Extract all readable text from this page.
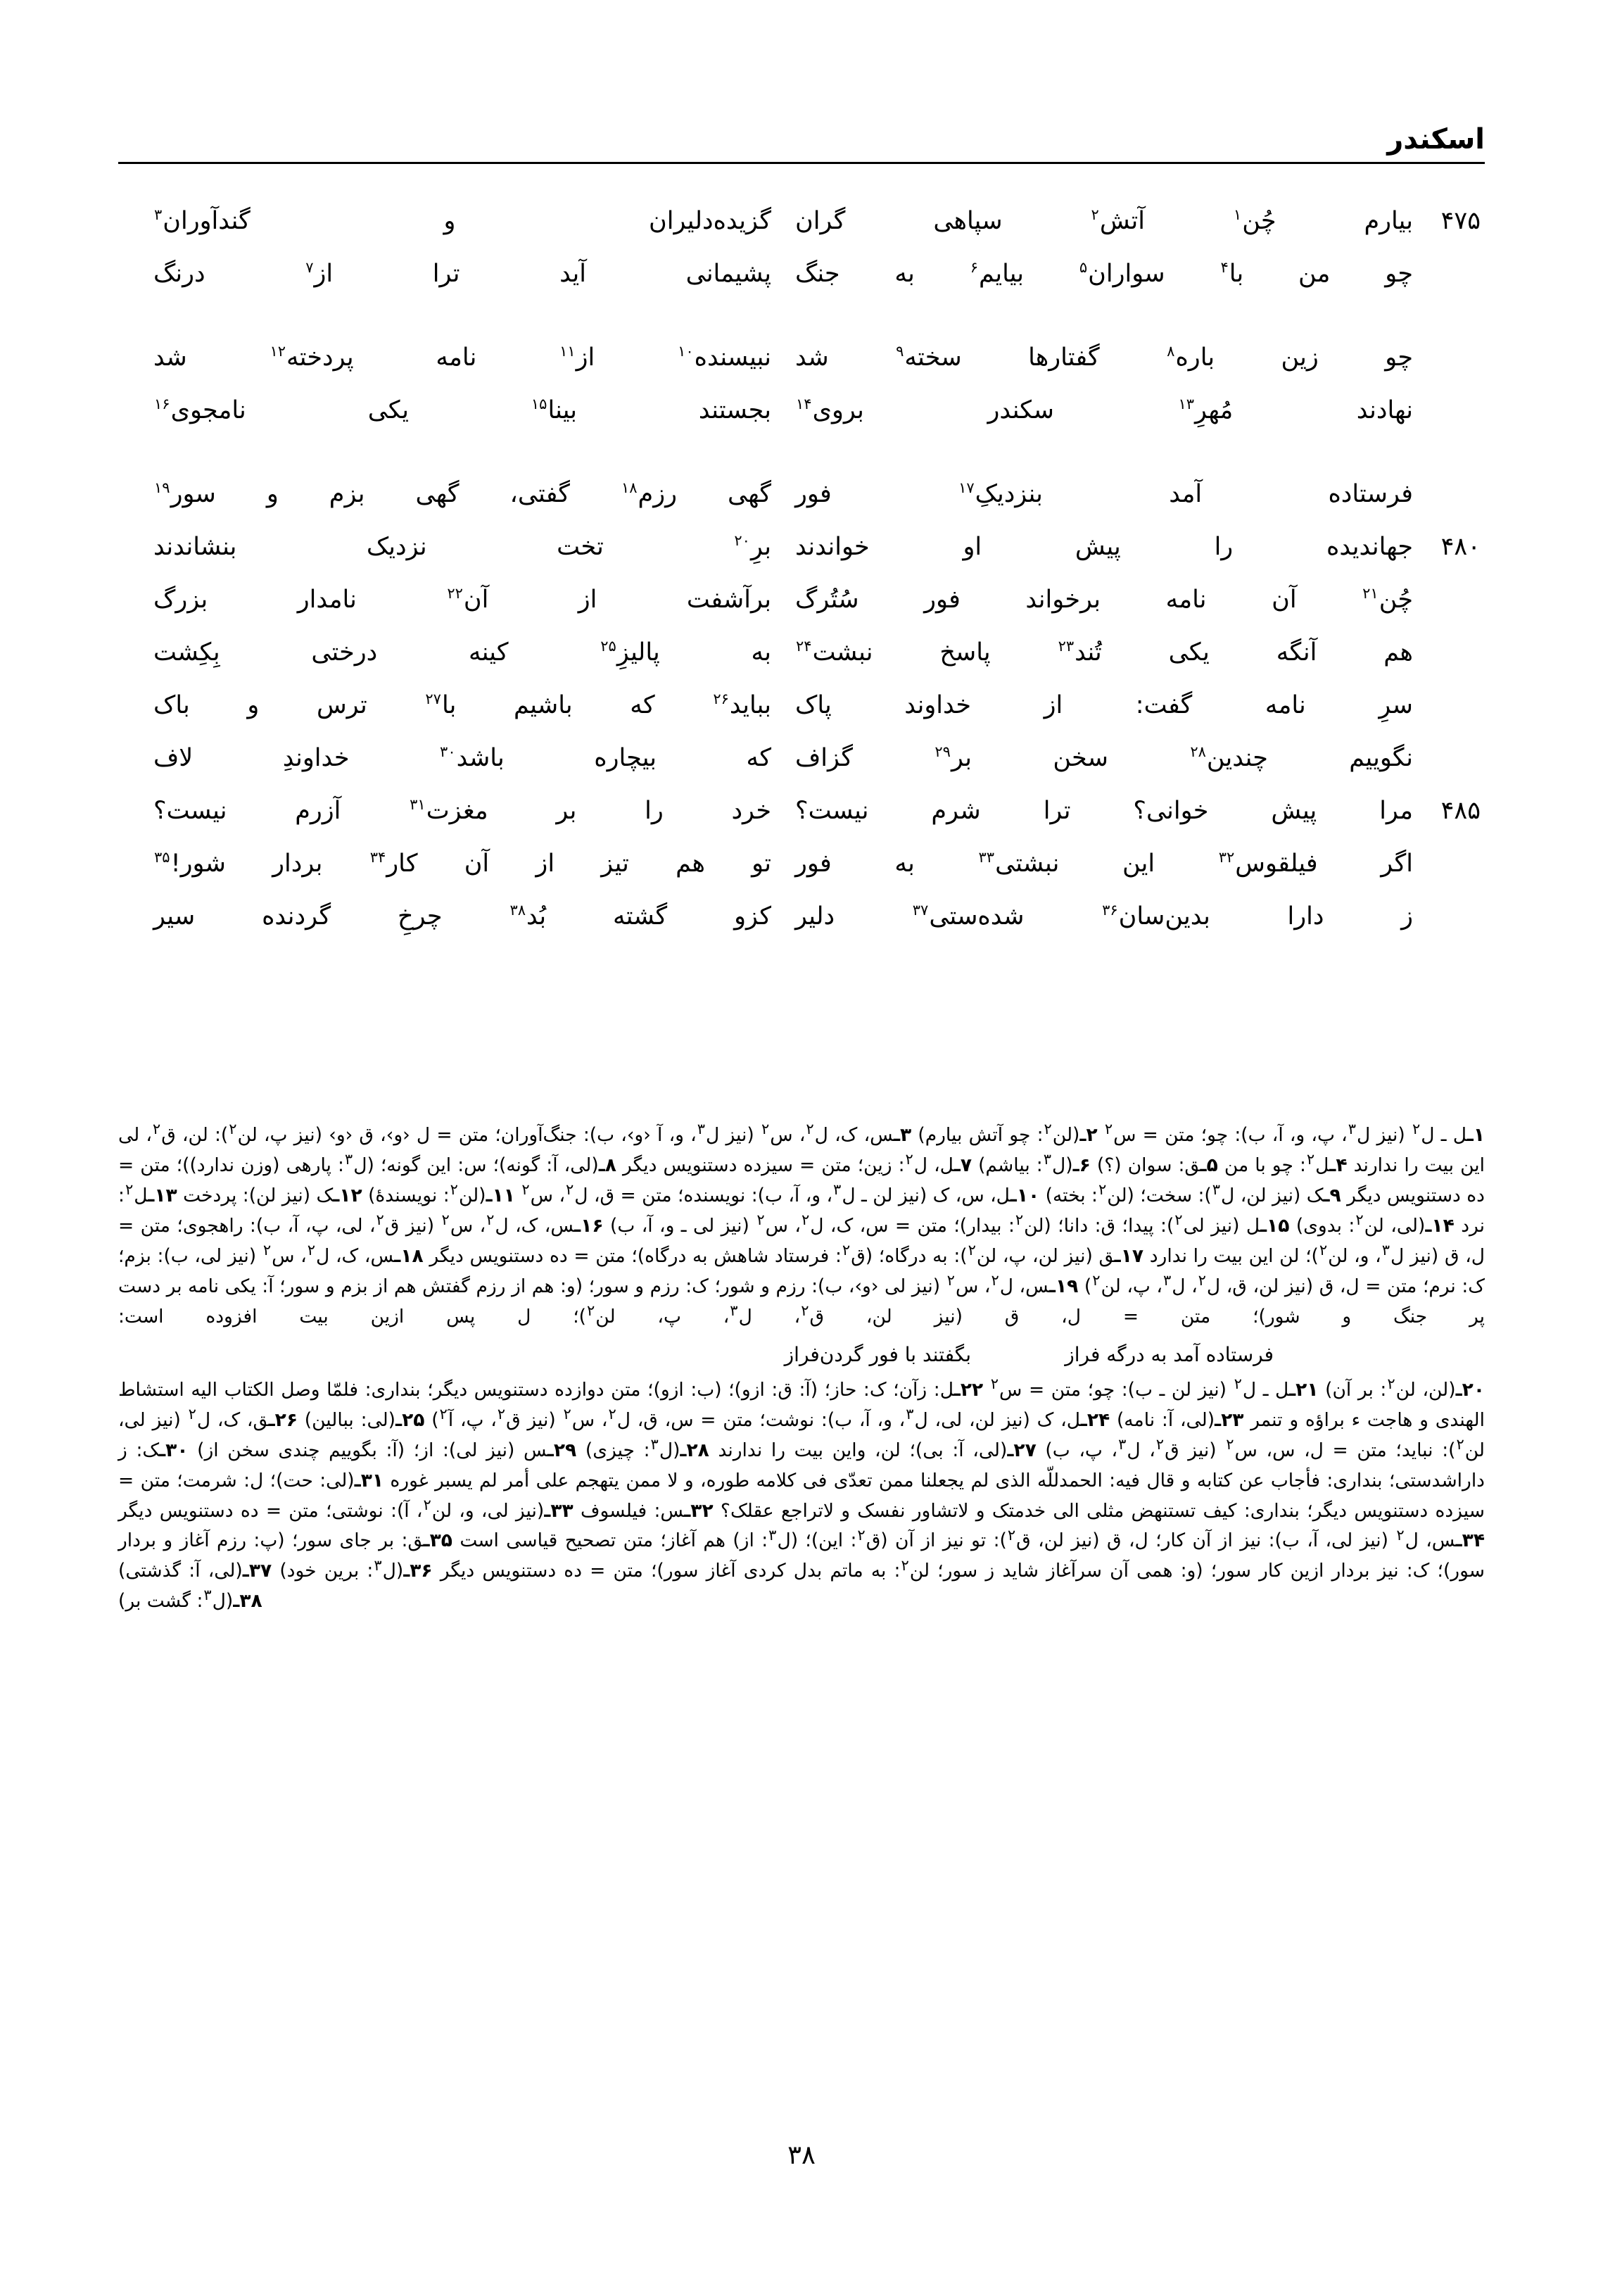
اسکندر
۴۷۵
بیارم چُن$^۱$ آتش$^۲$ سپاهی گران
گزیده‌دلیران و گندآوران$^۳$
چو من با$^۴$ سواران$^۵$ بیایم$^۶$ به جنگ
پشیمانی آید ترا از$^۷$ درنگ
چو زین باره$^۸$ گفتارها سخته$^۹$ شد
نبیسنده$^{۱۰}$ از$^{۱۱}$ نامه پردخته$^{۱۲}$ شد
نهادند مُهرِ$^{۱۳}$ سکندر بروی$^{۱۴}$
بجستند بینا$^{۱۵}$ یکی نامجوی$^{۱۶}$
فرستاده آمد بنزدیکِ$^{۱۷}$ فور
گهی رزم$^{۱۸}$ گفتی، گهی بزم و سور$^{۱۹}$
۴۸۰
جهاندیده را پیش او خواندند
برِ$^{۲۰}$ تخت نزدیک بنشاندند
چُن$^{۲۱}$ آن نامه برخواند فور سُتُرگ
برآشفت از آن$^{۲۲}$ نامدار بزرگ
هم آنگه یکی تُند$^{۲۳}$ پاسخ نبشت$^{۲۴}$
به پالیزِ$^{۲۵}$ کینه درختی بِکِشت
سرِ نامه گفت: از خداوند پاک
بباید$^{۲۶}$ که باشیم با$^{۲۷}$ ترس و باک
نگوییم چندین$^{۲۸}$ سخن بر$^{۲۹}$ گزاف
که بیچاره باشد$^{۳۰}$ خداوندِ لاف
۴۸۵
مرا پیش خوانی؟ ترا شرم نیست؟
خرد را بر مغزت$^{۳۱}$ آزرم نیست؟
اگر فیلقوس$^{۳۲}$ این نبشتی$^{۳۳}$ به فور
تو هم تیز از آن کار$^{۳۴}$ بردار شور!$^{۳۵}$
ز دارا بدین‌سان$^{۳۶}$ شده‌ستی$^{۳۷}$ دلیر
کزو گشته بُد$^{۳۸}$ چرخِ گردنده سیر
۱ـل ـ ل$^۲$ (نیز ل$^۳$، پ، و، آ، ب)‏: چو؛ متن = س$^۲$ ۲ـ(لن$^۲$‏: چو آتش بیارم) ۳ـس، ک، ل$^۲$، س$^۲$ (نیز ل$^۳$، و، آ ‹و›، ب)‏: جنگ‌آوران؛ متن = ل ‹و›، ق ‹و› (نیز پ، لن$^۲$)‏: لن، ق$^۲$، لی این بیت را ندارند ۴ـل$^۲$‏: چو با من ۵ـق‏: سوان (؟) ۶ـ(ل$^۳$‏: بیاشم) ۷ـل، ل$^۲$‏: زین؛ متن = سیزده دستنویس دیگر ۸ـ(لی، آ‏: گونه)؛ س‏: این گونه؛ (ل$^۳$‏: پارهی (وزن ندارد))؛ متن = ده دستنویس دیگر ۹ـک (نیز لن، ل$^۳$)‏: سخت؛ (لن$^۲$‏: بخته) ۱۰ـل، س، ک (نیز لن ـ ل$^۳$، و، آ، ب)‏: نویسنده؛ متن = ق، ل$^۲$، س$^۲$ ۱۱ـ(لن$^۲$‏: نویسندهٔ) ۱۲ـک (نیز لن)‏: پردخت ۱۳ـل$^۲$‏: نرد ۱۴ـ(لی، لن$^۲$‏: بدوی) ۱۵ـل (نیز لی$^۲$)‏: پیدا؛ ق‏: دانا؛ (لن$^۲$‏: بیدار)؛ متن = س، ک، ل$^۲$، س$^۲$ (نیز لی ـ و، آ، ب) ۱۶ـس، ک، ل$^۲$، س$^۲$ (نیز ق$^۲$، لی، پ، آ، ب)‏: راهجوی؛ متن = ل، ق (نیز ل$^۳$، و، لن$^۲$)؛ لن این بیت را ندارد ۱۷ـق (نیز لن، پ، لن$^۲$)‏: به درگاه؛ (ق$^۲$‏: فرستاد شاهش به درگاه)؛ متن = ده دستنویس دیگر ۱۸ـس، ک، ل$^۲$، س$^۲$ (نیز لی، ب)‏: بزم؛ ک‏: نرم؛ متن = ل، ق (نیز لن، ق، ل$^۲$، ل$^۳$، پ، لن$^۲$) ۱۹ـس، ل$^۲$، س$^۲$ (نیز لی ‹و›، ب)‏: رزم و شور؛ ک‏: رزم و سور؛ (و‏: هم از رزم گفتش هم از بزم و سور؛ آ‏: یکی نامه بر دست پر جنگ و شور)؛ متن = ل، ق (نیز لن، ق$^۲$، ل$^۳$، پ، لن$^۲$)؛ ل پس ازین بیت افزوده است:
فرستاده آمد به درگه فراز
بگفتند با فور گردن‌فراز
۲۰ـ(لن، لن$^۲$‏: بر آن) ۲۱ـل ـ ل$^۲$ (نیز لن ـ ب)‏: چو؛ متن = س$^۲$ ۲۲ـل‏: زآن؛ ک‏: حاز؛ (آ‏: ق‏: ازو)؛ (ب‏: ازو)؛ متن دوازده دستنویس دیگر؛ بنداری‏: فلمّا وصل الکتاب الیه استشاط الهندی و هاجت ء براؤه و تنمر ۲۳ـ(لی، آ‏: نامه) ۲۴ـل، ک (نیز لن، لی، ل$^۳$، و، آ، ب)‏: نوشت؛ متن = س، ق، ل$^۲$، س$^۲$ (نیز ق$^۲$، پ، آ$^۲$) ۲۵ـ(لی‏: ببالین) ۲۶ـق، ک، ل$^۲$ (نیز لی، لن$^۲$)‏: نباید؛ متن = ل، س، س$^۲$ (نیز ق$^۲$، ل$^۳$، پ، ب) ۲۷ـ(لی، آ‏: بی)؛ لن، واین بیت را ندارند ۲۸ـ(ل$^۳$‏: چیزی) ۲۹ـس (نیز لی)‏: از؛ (آ‏: بگوییم چندی سخن از) ۳۰ـک‏: ز داراشدستی؛ بنداری‏: فأجاب عن کتابه و قال فیه‏: الحمدللّه الذی لم یجعلنا ممن تعدّی فی کلامه طوره، و لا ممن یتهجم علی أمر لم یسبر غوره ۳۱ـ(لی‏: حت)؛ ل‏: شرمت؛ متن = سیزده دستنویس دیگر؛ بنداری‏: کیف تستنهض مثلی الی خدمتک و لاتشاور نفسک و لاتراجع عقلک؟ ۳۲ـس‏: فیلسوف ۳۳ـ(نیز لی، و، لن$^۲$، آ)‏: نوشتی؛ متن = ده دستنویس دیگر ۳۴ـس، ل$^۲$ (نیز لی، آ، ب)‏: نیز از آن کار؛ ل، ق (نیز لن، ق$^۲$)‏: تو نیز از آن (ق$^۲$‏: این)؛ (ل$^۳$‏: از) هم آغاز؛ متن تصحیح قیاسی است ۳۵ـق‏: بر جای سور؛ (پ‏: رزم آغاز و بردار سور)؛ ک‏: نیز بردار ازین کار سور؛ (و‏: همی آن سرآغاز شاید ز سور؛ لن$^۲$‏: به ماتم بدل کردی آغاز سور)؛ متن = ده دستنویس دیگر ۳۶ـ(ل$^۳$‏: برین خود) ۳۷ـ(لی، آ‏: گذشتی) ۳۸ـ(ل$^۳$‏: گشت بر)
۳۸
